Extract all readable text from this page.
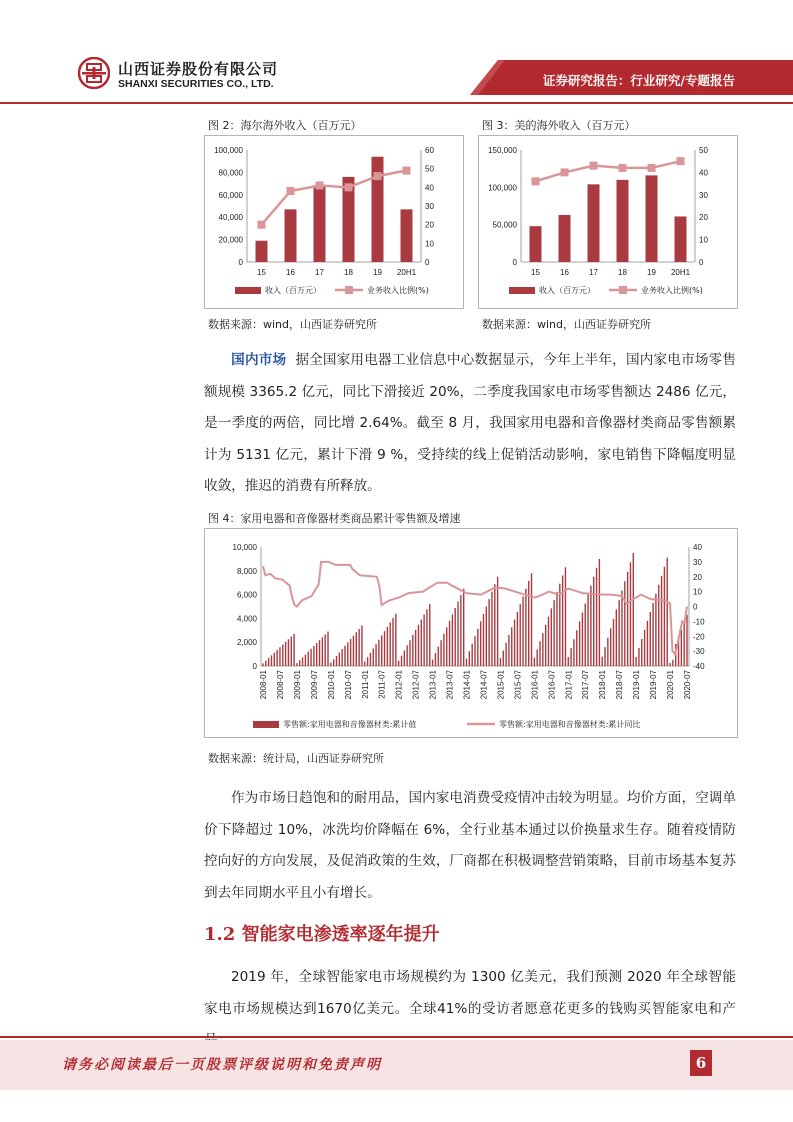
山西证券股份有限公司
SHANXI SECURITIES CO., LTD.	证券研究报告：行业研究/专题报告
图 2：海尔海外收入（百万元）
0
20,000
40,000
60,000
80,000
100,000
0
10
20
30
40
50
60
15	16	17	18	19 20H1
收入（百万元）	业务收入比例(%)
数据来源：wind，山西证券研究所
图 3：美的海外收入（百万元）
0
50,000
100,000
150,000
0
10
20
30
40
50
15	16	17	18	19 20H1
收入（百万元）	业务收入比例(%)
数据来源：wind，山西证券研究所
国内市场 据全国家用电器工业信息中心数据显示，今年上半年，国内家电市场零售额规模 3365.2 亿元，同比下滑接近 20%，二季度我国家电市场零售额达 2486 亿元，是一季度的两倍，同比增 2.64%。截至 8 月，我国家用电器和音像器材类商品零售额累计为 5131 亿元，累计下滑 9 %，受持续的线上促销活动影响，家电销售下降幅度明显收敛，推迟的消费有所释放。
图 4：家用电器和音像器材类商品累计零售额及增速
0
2,000
4,000
6,000
8,000
10,000
-40
-30
-20
-10
0
10
20
30
40
2008-01 2008-07 2009-01 2009-07 2010-01 2010-07 2011-01 2011-07 2012-01 2012-07 2013-01 2013-07 2014-01 2014-07 2015-01 2015-07 2016-01 2016-07 2017-01 2017-07 2018-01 2018-07 2019-01 2019-07 2020-01 2020-07
零售额:家用电器和音像器材类:累计值	零售额:家用电器和音像器材类:累计同比
数据来源：统计局，山西证券研究所
作为市场日趋饱和的耐用品，国内家电消费受疫情冲击较为明显。均价方面，空调单价下降超过 10%，冰洗均价降幅在 6%，全行业基本通过以价换量求生存。随着疫情防控向好的方向发展，及促消政策的生效，厂商都在积极调整营销策略，目前市场基本复苏到去年同期水平且小有增长。
1.2 智能家电渗透率逐年提升
2019 年，全球智能家电市场规模约为 1300 亿美元，我们预测 2020 年全球智能家电市场规模达到1670亿美元。全球41%的受访者愿意花更多的钱购买智能家电和产
请务必阅读最后一页股票评级说明和免责声明	6
